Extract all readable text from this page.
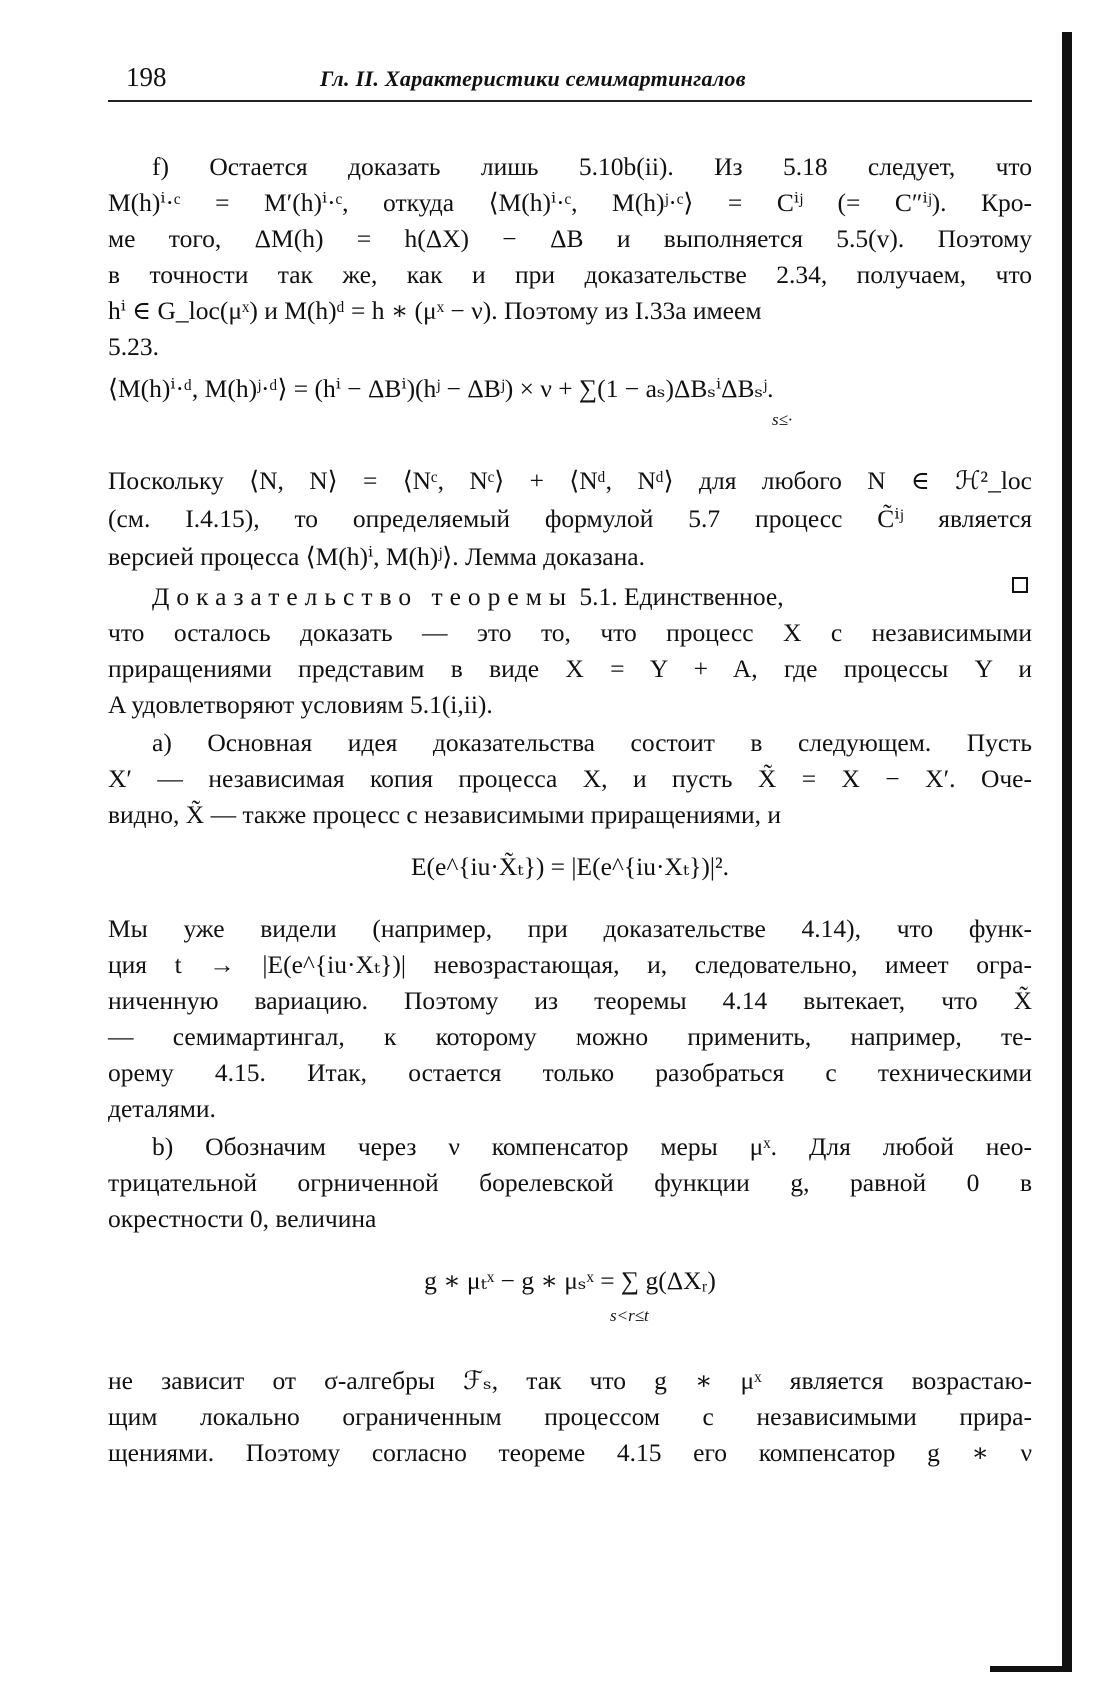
198	Гл. II. Характеристики семимартингалов

f) Остается доказать лишь 5.10b(ii). Из 5.18 следует, что

M(h)ⁱ·ᶜ = M′(h)ⁱ·ᶜ, откуда ⟨M(h)ⁱ·ᶜ, M(h)ʲ·ᶜ⟩ = Cⁱʲ (= C″ⁱʲ). Кро-

ме того, ΔM(h) = h(ΔX) − ΔB и выполняется 5.5(v). Поэтому

в точности так же, как и при доказательстве 2.34, получаем, что

hⁱ ∈ G_loc(μˣ) и M(h)ᵈ = h ∗ (μˣ − ν). Поэтому из I.33а имеем

5.23.

⟨M(h)ⁱ·ᵈ, M(h)ʲ·ᵈ⟩ = (hⁱ − ΔBⁱ)(hʲ − ΔBʲ) × ν + ∑(1 − aₛ)ΔBₛⁱΔBₛʲ.

s≤·

Поскольку ⟨N, N⟩ = ⟨Nᶜ, Nᶜ⟩ + ⟨Nᵈ, Nᵈ⟩ для любого N ∈ ℋ²_loc

(см. I.4.15), то определяемый формулой 5.7 процесс C̃ⁱʲ является

версией процесса ⟨M(h)ⁱ, M(h)ʲ⟩. Лемма доказана.

Доказательство теоремы 5.1. Единственное,

что осталось доказать — это то, что процесс X с независимыми

приращениями представим в виде X = Y + A, где процессы Y и

A удовлетворяют условиям 5.1(i,ii).

а) Основная идея доказательства состоит в следующем. Пусть

X′ — независимая копия процесса X, и пусть X̃ = X − X′. Оче-

видно, X̃ — также процесс с независимыми приращениями, и

E(e^{iu·X̃ₜ}) = |E(e^{iu·Xₜ})|².

Мы уже видели (например, при доказательстве 4.14), что функ-

ция t → |E(e^{iu·Xₜ})| невозрастающая, и, следовательно, имеет огра-

ниченную вариацию. Поэтому из теоремы 4.14 вытекает, что X̃

— семимартингал, к которому можно применить, например, те-

орему 4.15. Итак, остается только разобраться с техническими

деталями.

b) Обозначим через ν компенсатор меры μˣ. Для любой нео-

трицательной огрниченной борелевской функции g, равной 0 в

окрестности 0, величина

g ∗ μₜˣ − g ∗ μₛˣ = ∑ g(ΔXᵣ)

s<r≤t

не зависит от σ-алгебры ℱₛ, так что g ∗ μˣ является возрастаю-

щим локально ограниченным процессом с независимыми прира-

щениями. Поэтому согласно теореме 4.15 его компенсатор g ∗ ν
